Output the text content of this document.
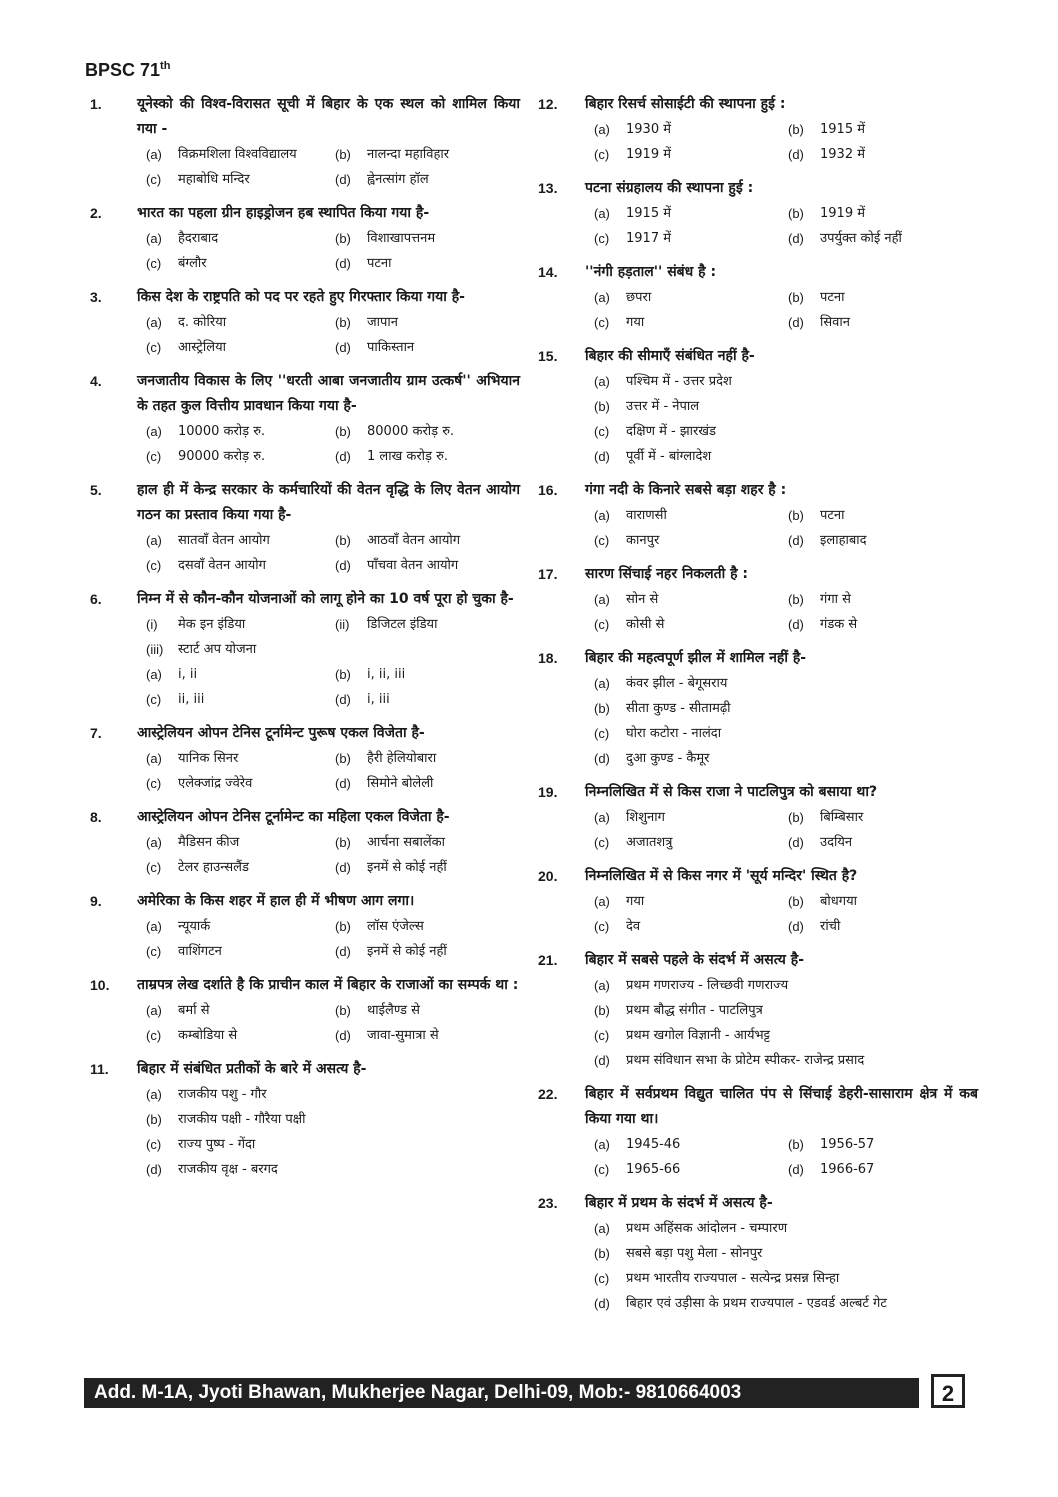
BPSC 71th
1.	यूनेस्को की विश्व-विरासत सूची में बिहार के एक स्थल को शामिल किया गया -
(a)	विक्रमशिला विश्वविद्यालय	(b)	नालन्दा महाविहार
(c)	महाबोधि मन्दिर	(d)	ह्वेनत्सांग हॉल
2.	भारत का पहला ग्रीन हाइड्रोजन हब स्थापित किया गया है-
(a)	हैदराबाद	(b)	विशाखापत्तनम
(c)	बंग्लौर	(d)	पटना
3.	किस देश के राष्ट्रपति को पद पर रहते हुए गिरफ्तार किया गया है-
(a)	द. कोरिया	(b)	जापान
(c)	आस्ट्रेलिया	(d)	पाकिस्तान
4.	जनजातीय विकास के लिए ''धरती आबा जनजातीय ग्राम उत्कर्ष'' अभियान के तहत कुल वित्तीय प्रावधान किया गया है-
(a)	10000 करोड़ रु.	(b)	80000 करोड़ रु.
(c)	90000 करोड़ रु.	(d)	1 लाख करोड़ रु.
5.	हाल ही में केन्द्र सरकार के कर्मचारियों की वेतन वृद्धि के लिए वेतन आयोग गठन का प्रस्ताव किया गया है-
(a)	सातवाँ वेतन आयोग	(b)	आठवाँ वेतन आयोग
(c)	दसवाँ वेतन आयोग	(d)	पाँचवा वेतन आयोग
6.	निम्न में से कौन-कौन योजनाओं को लागू होने का 10 वर्ष पूरा हो चुका है-
(i)	मेक इन इंडिया	(ii)	डिजिटल इंडिया
(iii)	स्टार्ट अप योजना
(a)	i, ii	(b)	i, ii, iii
(c)	ii, iii	(d)	i, iii
7.	आस्ट्रेलियन ओपन टेनिस टूर्नामेन्ट पुरूष एकल विजेता है-
(a)	यानिक सिनर	(b)	हैरी हेलियोबारा
(c)	एलेक्जांद्र ज्वेरेव	(d)	सिमोने बोलेली
8.	आस्ट्रेलियन ओपन टेनिस टूर्नामेन्ट का महिला एकल विजेता है-
(a)	मैडिसन कीज	(b)	आर्चना सबालेंका
(c)	टेलर हाउन्सलैंड	(d)	इनमें से कोई नहीं
9.	अमेरिका के किस शहर में हाल ही में भीषण आग लगा।
(a)	न्यूयार्क	(b)	लॉस एंजेल्स
(c)	वाशिंगटन	(d)	इनमें से कोई नहीं
10.	ताम्रपत्र लेख दर्शाते है कि प्राचीन काल में बिहार के राजाओं का सम्पर्क था :
(a)	बर्मा से	(b)	थाईलैण्ड से
(c)	कम्बोडिया से	(d)	जावा-सुमात्रा से
11.	बिहार में संबंधित प्रतीकों के बारे में असत्य है-
(a)	राजकीय पशु - गौर
(b)	राजकीय पक्षी - गौरैया पक्षी
(c)	राज्य पुष्प - गेंदा
(d)	राजकीय वृक्ष - बरगद
12.	बिहार रिसर्च सोसाईटी की स्थापना हुई :
(a)	1930 में	(b)	1915 में
(c)	1919 में	(d)	1932 में
13.	पटना संग्रहालय की स्थापना हुई :
(a)	1915 में	(b)	1919 में
(c)	1917 में	(d)	उपर्युक्त कोई नहीं
14.	''नंगी हड़ताल'' संबंध है :
(a)	छपरा	(b)	पटना
(c)	गया	(d)	सिवान
15.	बिहार की सीमाएँ संबंधित नहीं है-
(a)	पश्चिम में - उत्तर प्रदेश
(b)	उत्तर में - नेपाल
(c)	दक्षिण में - झारखंड
(d)	पूर्वी में - बांग्लादेश
16.	गंगा नदी के किनारे सबसे बड़ा शहर है :
(a)	वाराणसी	(b)	पटना
(c)	कानपुर	(d)	इलाहाबाद
17.	सारण सिंचाई नहर निकलती है :
(a)	सोन से	(b)	गंगा से
(c)	कोसी से	(d)	गंडक से
18.	बिहार की महत्वपूर्ण झील में शामिल नहीं है-
(a)	कंवर झील - बेगूसराय
(b)	सीता कुण्ड - सीतामढ़ी
(c)	घोरा कटोरा - नालंदा
(d)	दुआ कुण्ड - कैमूर
19.	निम्नलिखित में से किस राजा ने पाटलिपुत्र को बसाया था?
(a)	शिशुनाग	(b)	बिम्बिसार
(c)	अजातशत्रु	(d)	उदयिन
20.	निम्नलिखित में से किस नगर में 'सूर्य मन्दिर' स्थित है?
(a)	गया	(b)	बोधगया
(c)	देव	(d)	रांची
21.	बिहार में सबसे पहले के संदर्भ में असत्य है-
(a)	प्रथम गणराज्य - लिच्छवी गणराज्य
(b)	प्रथम बौद्ध संगीत - पाटलिपुत्र
(c)	प्रथम खगोल विज्ञानी - आर्यभट्ट
(d)	प्रथम संविधान सभा के प्रोटेम स्पीकर- राजेन्द्र प्रसाद
22.	बिहार में सर्वप्रथम विद्युत चालित पंप से सिंचाई डेहरी-सासाराम क्षेत्र में कब किया गया था।
(a)	1945-46	(b)	1956-57
(c)	1965-66	(d)	1966-67
23.	बिहार में प्रथम के संदर्भ में असत्य है-
(a)	प्रथम अहिंसक आंदोलन - चम्पारण
(b)	सबसे बड़ा पशु मेला - सोनपुर
(c)	प्रथम भारतीय राज्यपाल - सत्येन्द्र प्रसन्न सिन्हा
(d)	बिहार एवं उड़ीसा के प्रथम राज्यपाल - एडवर्ड अल्बर्ट गेट
Add. M-1A, Jyoti Bhawan, Mukherjee Nagar, Delhi-09, Mob:- 9810664003	2
